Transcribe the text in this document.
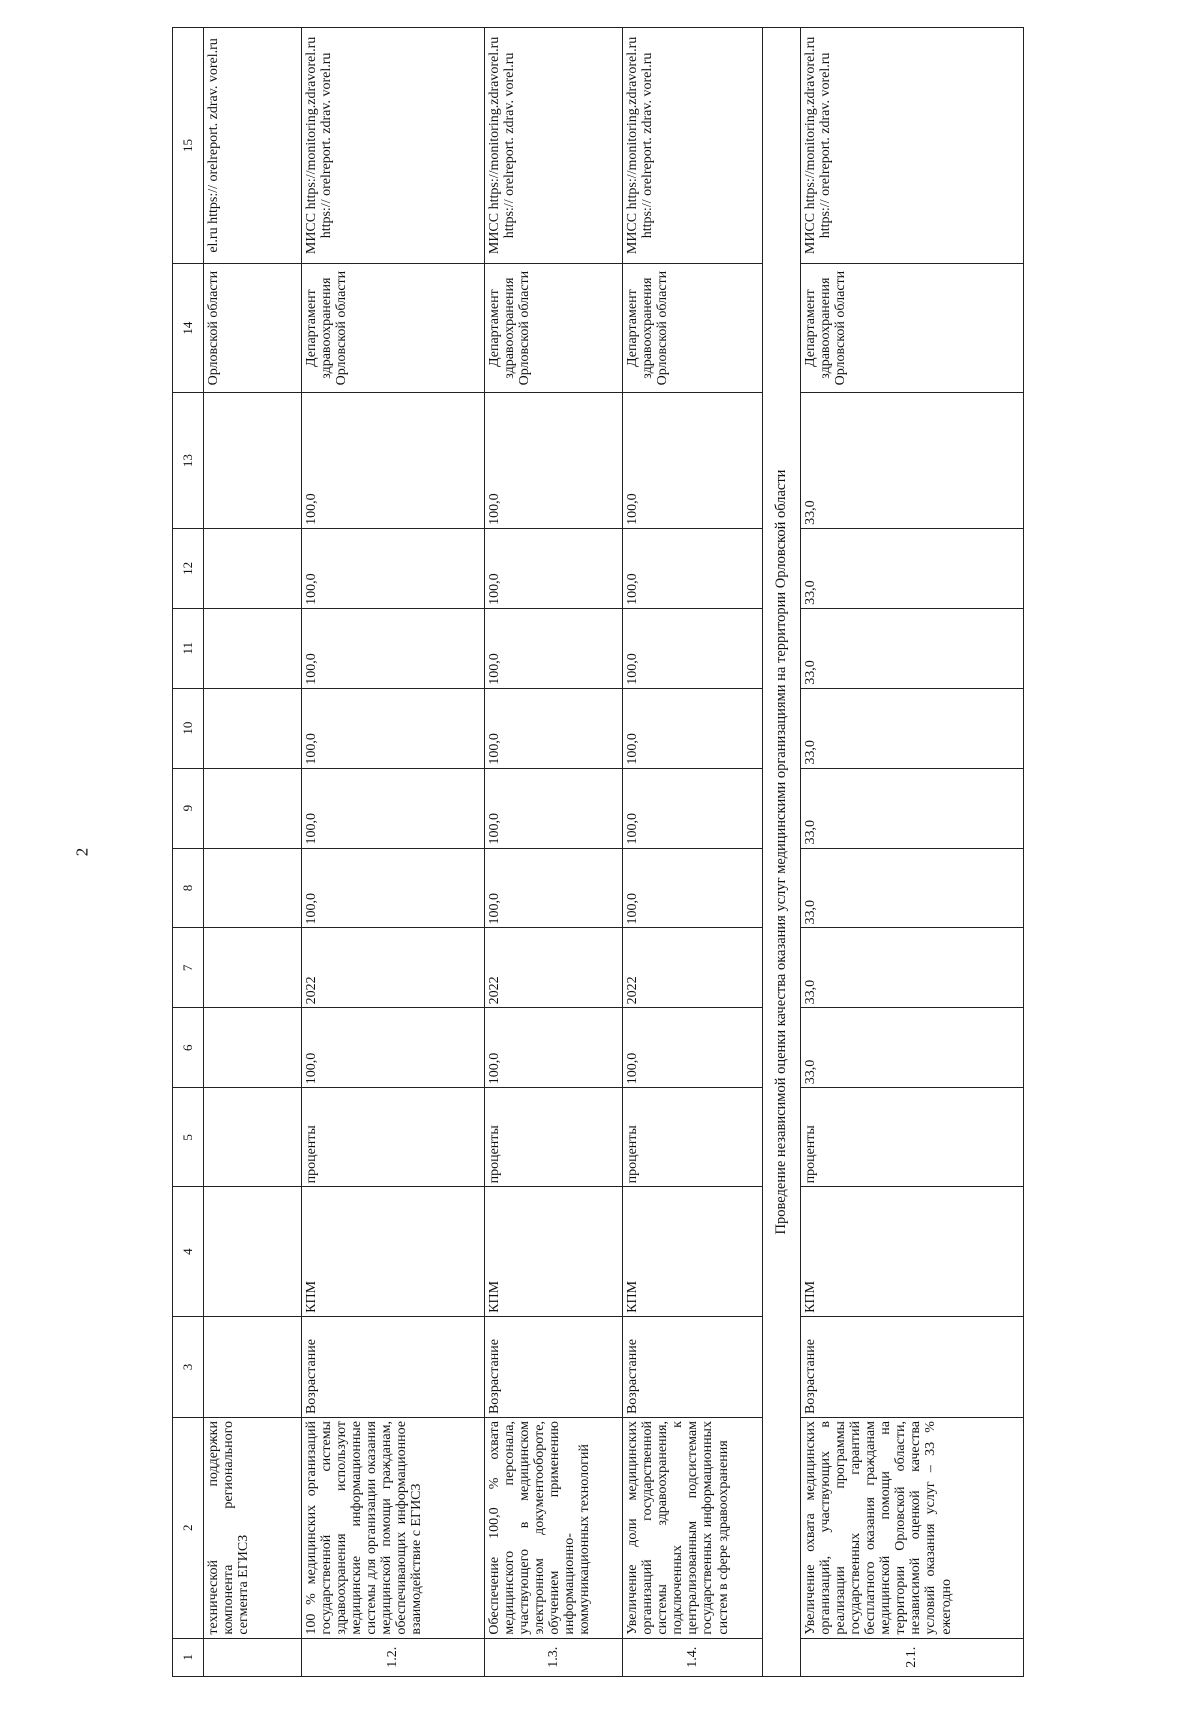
2
1	2	3	4	5	6	7	8	9	10	11	12	13	14	15
	технической поддержки компонента регионального сегмента ЕГИСЗ												Орловской области	el.ru https:// orelreport. zdrav. vorel.ru
1.2.	100 % медицинских организаций государственной системы здравоохранения используют медицинские информационные системы для организации оказания медицинской помощи гражданам, обеспечивающих информационное взаимодействие с ЕГИСЗ	Возрастание	КПМ	проценты	100,0	2022	100,0	100,0	100,0	100,0	100,0	100,0	Департамент здравоохранения Орловской области	МИСС https://monitoring.zdravorel.ru https:// orelreport. zdrav. vorel.ru
1.3.	Обеспечение 100,0 % охвата медицинского персонала, участвующего в медицинском электронном документообороте, обучением применению информационно-коммуникационных технологий	Возрастание	КПМ	проценты	100,0	2022	100,0	100,0	100,0	100,0	100,0	100,0	Департамент здравоохранения Орловской области	МИСС https://monitoring.zdravorel.ru https:// orelreport. zdrav. vorel.ru
1.4.	Увеличение доли медицинских организаций государственной системы здравоохранения, подключенных к централизованным подсистемам государственных информационных систем в сфере здравоохранения	Возрастание	КПМ	проценты	100,0	2022	100,0	100,0	100,0	100,0	100,0	100,0	Департамент здравоохранения Орловской области	МИСС https://monitoring.zdravorel.ru https:// orelreport. zdrav. vorel.ru
Проведение независимой оценки качества оказания услуг медицинскими организациями на территории Орловской области														
2.1.	Увеличение охвата медицинских организаций, участвующих в реализации программы государственных гарантий бесплатного оказания гражданам медицинской помощи на территории Орловской области, независимой оценкой качества условий оказания услуг – 33 % ежегодно	Возрастание	КПМ	проценты	33,0	33,0	33,0	33,0	33,0	33,0	33,0	33,0	Департамент здравоохранения Орловской области	МИСС https://monitoring.zdravorel.ru https:// orelreport. zdrav. vorel.ru
